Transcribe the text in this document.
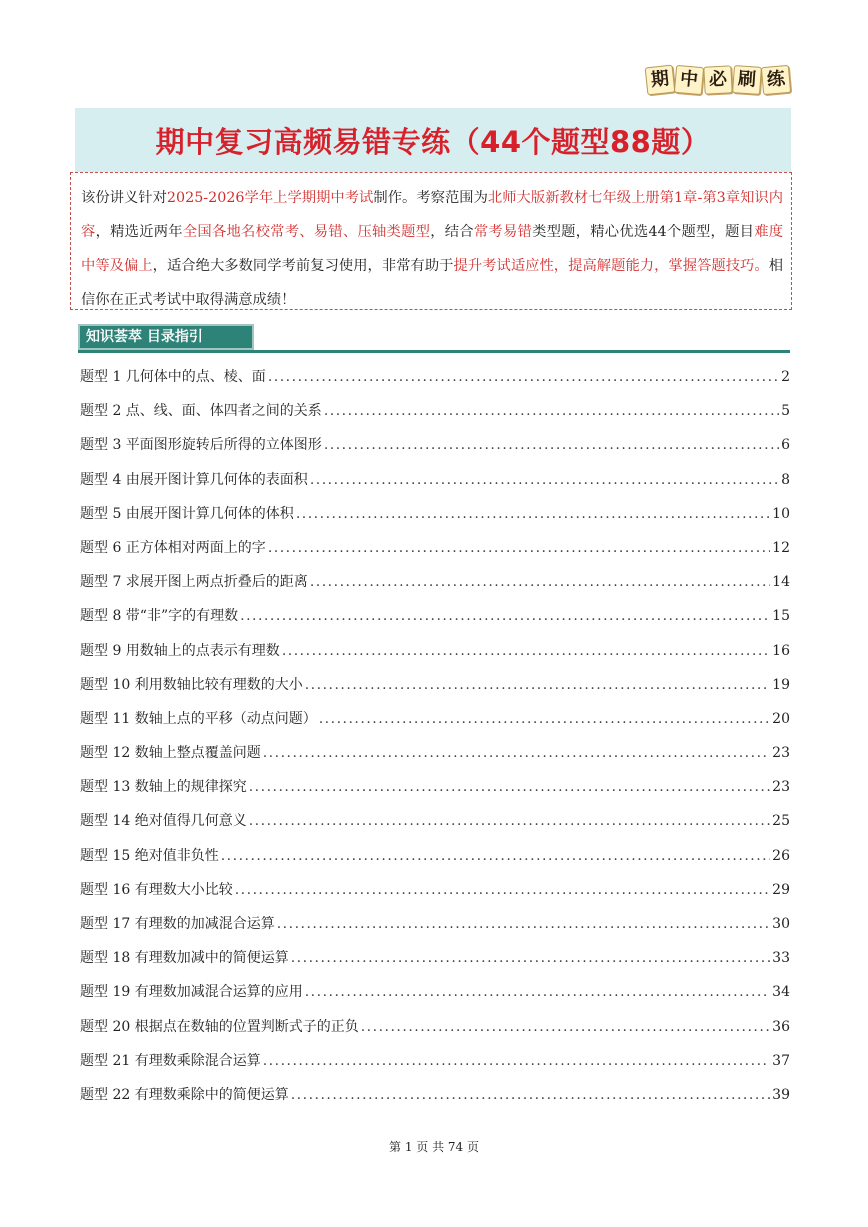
期 中 必 刷 练
期中复习高频易错专练（44个题型88题）
该份讲义针对2025-2026学年上学期期中考试制作。考察范围为北师大版新教材七年级上册第1章-第3章知识内容，精选近两年全国各地名校常考、易错、压轴类题型，结合常考易错类型题，精心优选44个题型，题目难度中等及偏上，适合绝大多数同学考前复习使用，非常有助于提升考试适应性，提高解题能力，掌握答题技巧。相信你在正式考试中取得满意成绩！
知识荟萃 目录指引
题型 1 几何体中的点、棱、面 .....	2
题型 2 点、线、面、体四者之间的关系 .....	5
题型 3 平面图形旋转后所得的立体图形 .....	6
题型 4 由展开图计算几何体的表面积 .....	8
题型 5 由展开图计算几何体的体积 .....	10
题型 6 正方体相对两面上的字 .....	12
题型 7 求展开图上两点折叠后的距离 .....	14
题型 8 带“非”字的有理数 .....	15
题型 9 用数轴上的点表示有理数 .....	16
题型 10 利用数轴比较有理数的大小 .....	19
题型 11 数轴上点的平移（动点问题） .....	20
题型 12 数轴上整点覆盖问题 .....	23
题型 13 数轴上的规律探究 .....	23
题型 14 绝对值得几何意义 .....	25
题型 15 绝对值非负性 .....	26
题型 16 有理数大小比较 .....	29
题型 17 有理数的加减混合运算 .....	30
题型 18 有理数加减中的简便运算 .....	33
题型 19 有理数加减混合运算的应用 .....	34
题型 20 根据点在数轴的位置判断式子的正负 .....	36
题型 21 有理数乘除混合运算 .....	37
题型 22 有理数乘除中的简便运算 .....	39
第 1 页 共 74 页
